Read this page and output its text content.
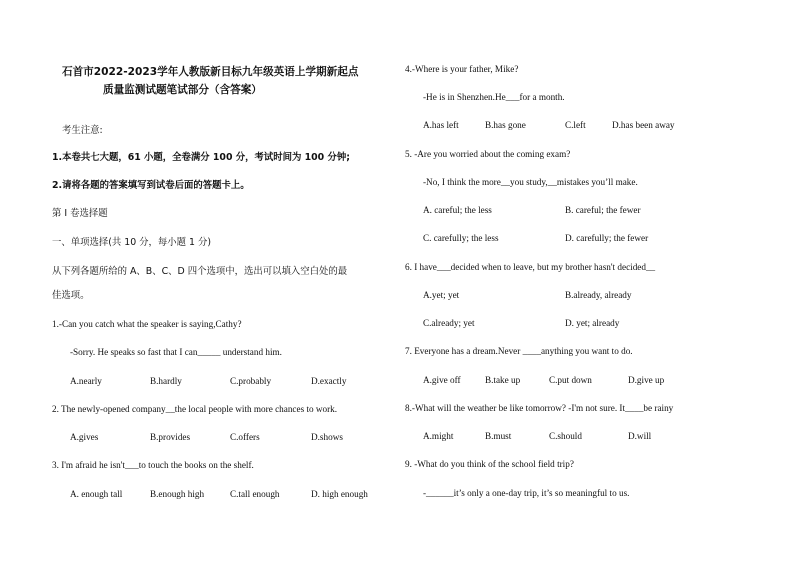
石首市2022-2023学年人教版新目标九年级英语上学期新起点
质量监测试题笔试部分（含答案）
考生注意:
1.本卷共七大题，61 小题，全卷满分 100 分，考试时间为 100 分钟;
2.请将各题的答案填写到试卷后面的答题卡上。
第 I 卷选择题
一、单项选择(共 10 分，每小题 1 分)
从下列各题所给的 A、B、C、D 四个选项中，选出可以填入空白处的最
佳选项。
1.-Can you catch what the speaker is saying,Cathy?
-Sorry. He speaks so fast that I can_____ understand him.
A.nearly	B.hardly	C.probably	D.exactly
2. The newly-opened company__the local people with more chances to work.
A.gives	B.provides	C.offers	D.shows
3. I'm afraid he isn't___to touch the books on the shelf.
A. enough tall	B.enough high	C.tall enough	D. high enough
4.-Where is your father, Mike?
-He is in Shenzhen.He___for a month.
A.has left	B.has gone	C.left	D.has been away
5. -Are you worried about the coming exam?
-No, I think the more__you study,__mistakes you’ll make.
A. careful; the less	B. careful; the fewer
C. carefully; the less	D. carefully; the fewer
6. I have___decided when to leave, but my brother hasn't decided__
A.yet; yet	B.already, already
C.already; yet	D. yet; already
7. Everyone has a dream.Never ____anything you want to do.
A.give off	B.take up	C.put down	D.give up
8.-What will the weather be like tomorrow? -I'm not sure. It____be rainy
A.might	B.must	C.should	D.will
9. -What do you think of the school field trip?
-______it’s only a one-day trip, it’s so meaningful to us.
